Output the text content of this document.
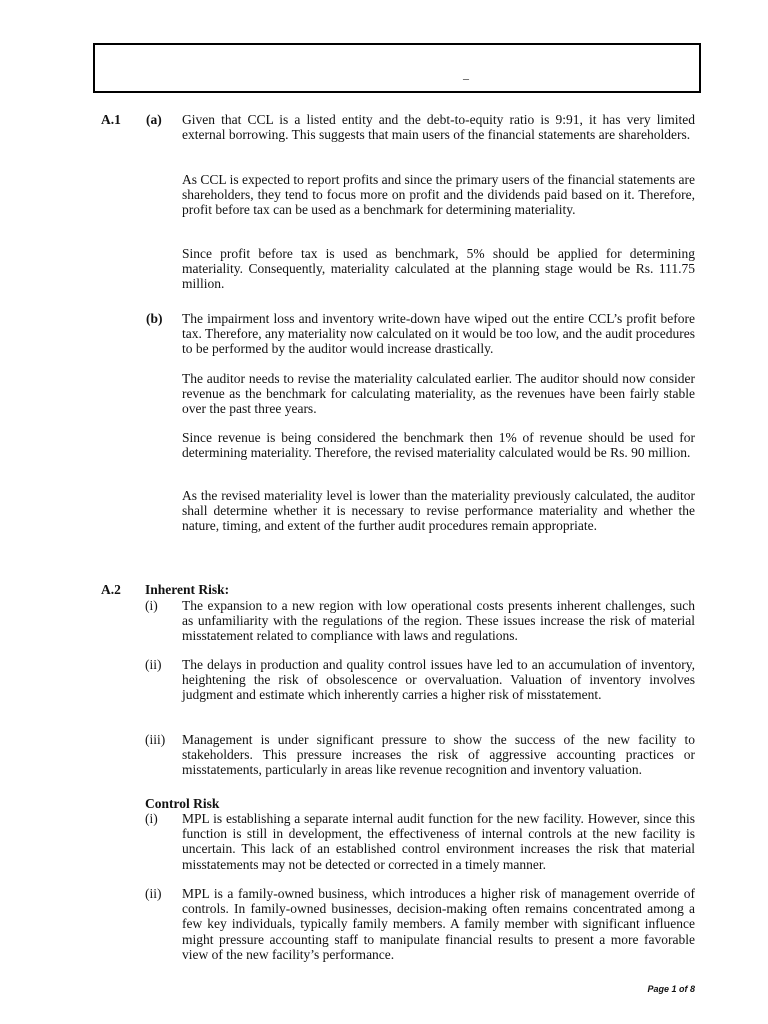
–
A.1 (a) Given that CCL is a listed entity and the debt-to-equity ratio is 9:91, it has very limited external borrowing. This suggests that main users of the financial statements are shareholders.

As CCL is expected to report profits and since the primary users of the financial statements are shareholders, they tend to focus more on profit and the dividends paid based on it. Therefore, profit before tax can be used as a benchmark for determining materiality.

Since profit before tax is used as benchmark, 5% should be applied for determining materiality. Consequently, materiality calculated at the planning stage would be Rs. 111.75 million.

(b) The impairment loss and inventory write-down have wiped out the entire CCL’s profit before tax. Therefore, any materiality now calculated on it would be too low, and the audit procedures to be performed by the auditor would increase drastically.

The auditor needs to revise the materiality calculated earlier. The auditor should now consider revenue as the benchmark for calculating materiality, as the revenues have been fairly stable over the past three years.

Since revenue is being considered the benchmark then 1% of revenue should be used for determining materiality. Therefore, the revised materiality calculated would be Rs. 90 million.

As the revised materiality level is lower than the materiality previously calculated, the auditor shall determine whether it is necessary to revise performance materiality and whether the nature, timing, and extent of the further audit procedures remain appropriate.

A.2 Inherent Risk:
(i) The expansion to a new region with low operational costs presents inherent challenges, such as unfamiliarity with the regulations of the region. These issues increase the risk of material misstatement related to compliance with laws and regulations.

(ii) The delays in production and quality control issues have led to an accumulation of inventory, heightening the risk of obsolescence or overvaluation. Valuation of inventory involves judgment and estimate which inherently carries a higher risk of misstatement.

(iii) Management is under significant pressure to show the success of the new facility to stakeholders. This pressure increases the risk of aggressive accounting practices or misstatements, particularly in areas like revenue recognition and inventory valuation.

Control Risk
(i) MPL is establishing a separate internal audit function for the new facility. However, since this function is still in development, the effectiveness of internal controls at the new facility is uncertain. This lack of an established control environment increases the risk that material misstatements may not be detected or corrected in a timely manner.

(ii) MPL is a family-owned business, which introduces a higher risk of management override of controls. In family-owned businesses, decision-making often remains concentrated among a few key individuals, typically family members. A family member with significant influence might pressure accounting staff to manipulate financial results to present a more favorable view of the new facility’s performance.

Page 1 of 8
